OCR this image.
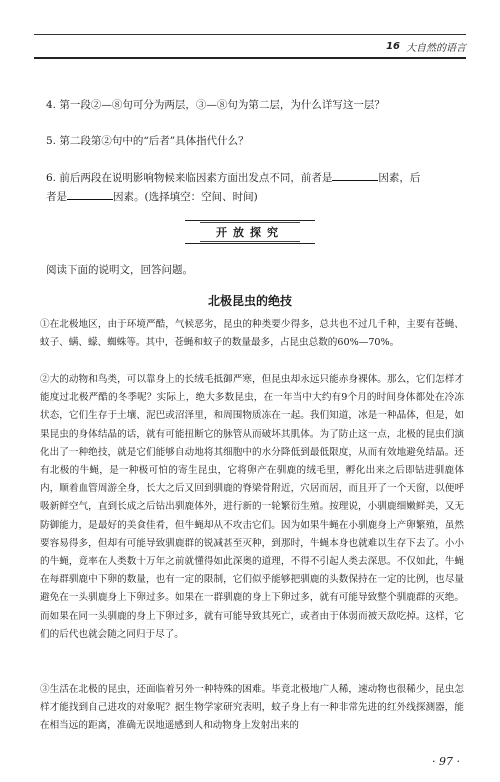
16 大自然的语言
4. 第一段②—⑧句可分为两层，③—⑧句为第二层，为什么详写这一层？
5. 第二段第②句中的“后者”具体指代什么？
6. 前后两段在说明影响物候来临因素方面出发点不同，前者是	因素，后
者是	因素。(选择填空：空间、时间)
开放探究
阅读下面的说明文，回答问题。
北极昆虫的绝技
①在北极地区，由于环境严酷，气候恶劣，昆虫的种类要少得多，总共也不过几千种，主要有苍蝇、蚊子、螨、蠓、蜘蛛等。其中，苍蝇和蚊子的数量最多，占昆虫总数的60%—70%。
②大的动物和鸟类，可以靠身上的长绒毛抵御严寒，但昆虫却永远只能赤身裸体。那么，它们怎样才能度过北极严酷的冬季呢？实际上，绝大多数昆虫，在一年当中大约有9个月的时间身体都处在冷冻状态，它们生存于土壤、泥巴或沼泽里，和周围物质冻在一起。我们知道，冰是一种晶体，但是，如果昆虫的身体结晶的话，就有可能扭断它的脉管从而破坏其肌体。为了防止这一点，北极的昆虫们演化出了一种绝技，就是它们能够自动地将其细胞中的水分降低到最低限度，从而有效地避免结晶。还有北极的牛蝇，是一种极可怕的寄生昆虫，它将卵产在驯鹿的绒毛里，孵化出来之后即钻进驯鹿体内，顺着血管周游全身，长大之后又回到驯鹿的脊梁骨附近，穴居而居，而且开了一个天窗，以便呼吸新鲜空气，直到长成之后钻出驯鹿体外，进行新的一轮繁衍生殖。按理说，小驯鹿细嫩鲜美，又无防御能力，是最好的美食佳肴，但牛蝇却从不攻击它们。因为如果牛蝇在小驯鹿身上产卵繁殖，虽然要容易得多，但却有可能导致驯鹿群的锐减甚至灭种，到那时，牛蝇本身也就难以生存下去了。小小的牛蝇，竟率在人类数十万年之前就懂得如此深奥的道理，不得不引起人类去深思。不仅如此，牛蝇在每群驯鹿中下卵的数量，也有一定的限制，它们似乎能够把驯鹿的头数保持在一定的比例，也尽量避免在一头驯鹿身上下卵过多。如果在一群驯鹿的身上下卵过多，就有可能导致整个驯鹿群的灭绝。而如果在同一头驯鹿的身上下卵过多，就有可能导致其死亡，或者由于体弱而被天敌吃掉。这样，它们的后代也就会随之同归于尽了。
③生活在北极的昆虫，还面临着另外一种特殊的困难。毕竟北极地广人稀，速动物也很稀少，昆虫怎样才能找到自己进攻的对象呢？据生物学家研究表明，蚊子身上有一种非常先进的红外线探测器，能在相当远的距离，准确无误地遥感到人和动物身上发射出来的
· 97 ·
